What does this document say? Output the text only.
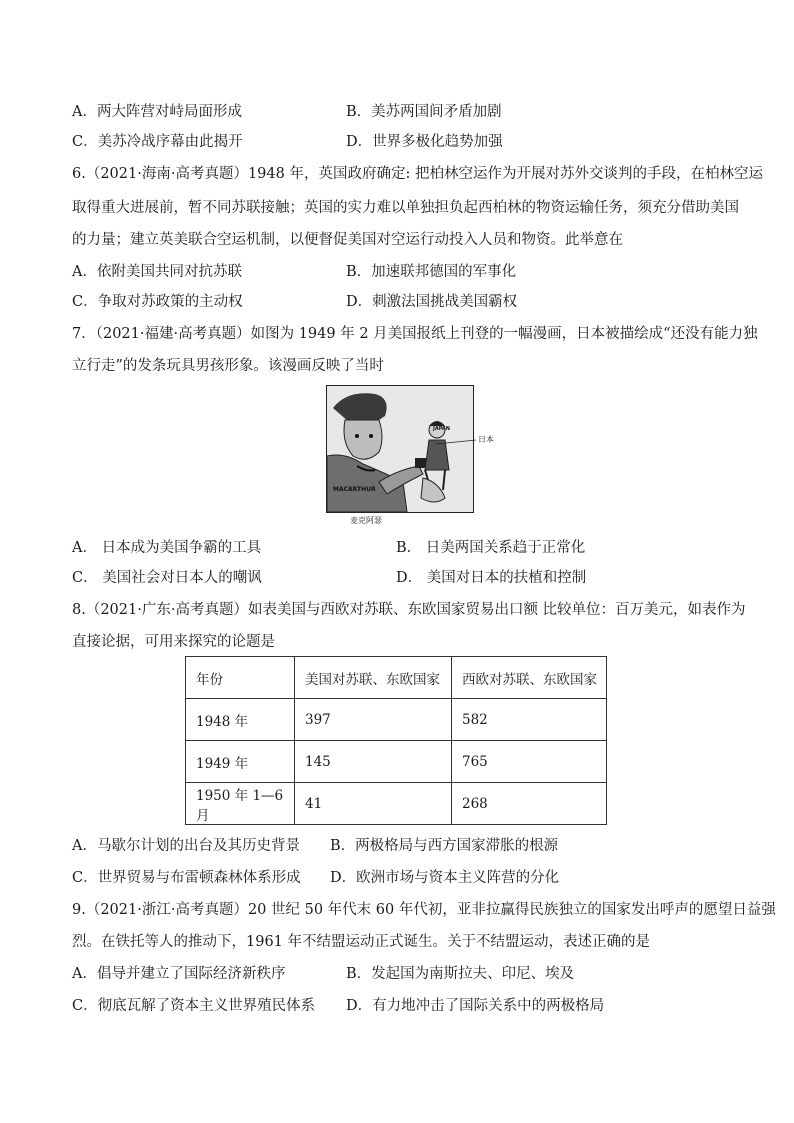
A．两大阵营对峙局面形成	B．美苏两国间矛盾加剧
C．美苏冷战序幕由此揭开	D．世界多极化趋势加强
6.（2021·海南·高考真题）1948 年，英国政府确定: 把柏林空运作为开展对苏外交谈判的手段，在柏林空运
取得重大进展前，暂不同苏联接触；英国的实力难以单独担负起西柏林的物资运输任务，须充分借助美国
的力量；建立英美联合空运机制，以便督促美国对空运行动投入人员和物资。此举意在
A．依附美国共同对抗苏联	B．加速联邦德国的军事化
C．争取对苏政策的主动权	D．刺激法国挑战美国霸权
7．（2021·福建·高考真题）如图为 1949 年 2 月美国报纸上刊登的一幅漫画，日本被描绘成“还没有能力独
立行走”的发条玩具男孩形象。该漫画反映了当时
MACARTHUR
JAPAN
日本
麦克阿瑟
A． 日本成为美国争霸的工具	B． 日美两国关系趋于正常化
C． 美国社会对日本人的嘲讽	D． 美国对日本的扶植和控制
8.（2021·广东·高考真题）如表美国与西欧对苏联、东欧国家贸易出口额 比较单位：百万美元，如表作为
直接论据，可用来探究的论题是
年份	美国对苏联、东欧国家	西欧对苏联、东欧国家
1948 年	397	582
1949 年	145	765
1950 年 1—6 月	41	268
A．马歇尔计划的出台及其历史背景 B．两极格局与西方国家滞胀的根源
C．世界贸易与布雷顿森林体系形成 D．欧洲市场与资本主义阵营的分化
9.（2021·浙江·高考真题）20 世纪 50 年代末 60 年代初，亚非拉赢得民族独立的国家发出呼声的愿望日益强
烈。在铁托等人的推动下，1961 年不结盟运动正式诞生。关于不结盟运动，表述正确的是
A．倡导并建立了国际经济新秩序	B．发起国为南斯拉夫、印尼、埃及
C．彻底瓦解了资本主义世界殖民体系 D．有力地冲击了国际关系中的两极格局
